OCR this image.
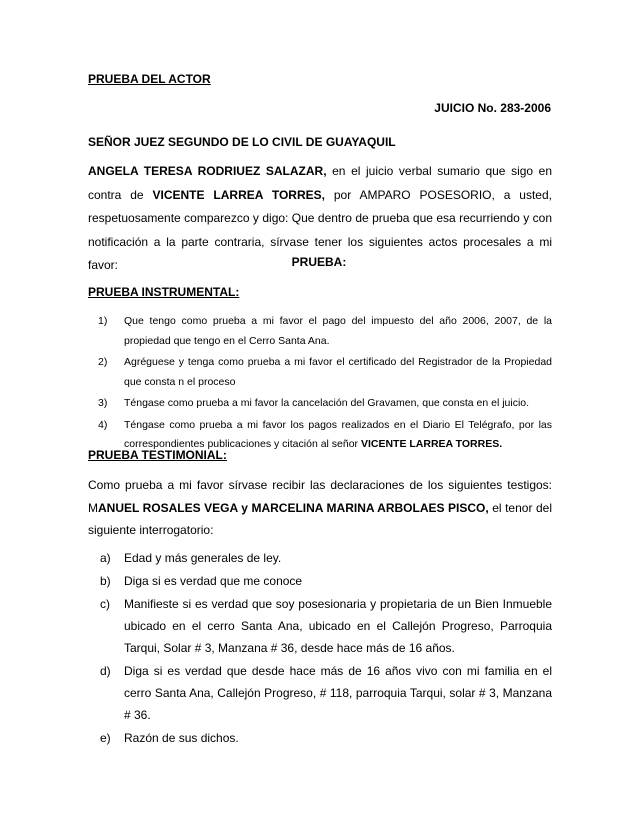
PRUEBA DEL ACTOR

JUICIO No. 283-2006

SEÑOR JUEZ SEGUNDO DE LO CIVIL DE GUAYAQUIL

ANGELA TERESA RODRIUEZ SALAZAR, en el juicio verbal sumario que sigo en contra de VICENTE LARREA TORRES, por AMPARO POSESORIO, a usted, respetuosamente comparezco y digo: Que dentro de prueba que esa recurriendo y con notificación a la parte contraria, sírvase tener los siguientes actos procesales a mi favor:	PRUEBA:

PRUEBA INSTRUMENTAL:

1) Que tengo como prueba a mi favor el pago del impuesto del año 2006, 2007, de la propiedad que tengo en el Cerro Santa Ana.
2) Agréguese y tenga como prueba a mi favor el certificado del Registrador de la Propiedad que consta n el proceso
3) Téngase como prueba a mi favor la cancelación del Gravamen, que consta en el juicio.
4) Téngase como prueba a mi favor los pagos realizados en el Diario El Telégrafo, por las correspondientes publicaciones y citación al señor VICENTE LARREA TORRES.

PRUEBA TESTIMONIAL:

Como prueba a mi favor sírvase recibir las declaraciones de los siguientes testigos: MANUEL ROSALES VEGA y MARCELINA MARINA ARBOLAES PISCO, el tenor del siguiente interrogatorio:

a) Edad y más generales de ley.
b) Diga si es verdad que me conoce
c) Manifieste si es verdad que soy posesionaria y propietaria de un Bien Inmueble ubicado en el cerro Santa Ana, ubicado en el Callejón Progreso, Parroquia Tarqui, Solar # 3, Manzana # 36, desde hace más de 16 años.
d) Diga si es verdad que desde hace más de 16 años vivo con mi familia en el cerro Santa Ana, Callejón Progreso, # 118, parroquia Tarqui, solar # 3, Manzana # 36.
e) Razón de sus dichos.
